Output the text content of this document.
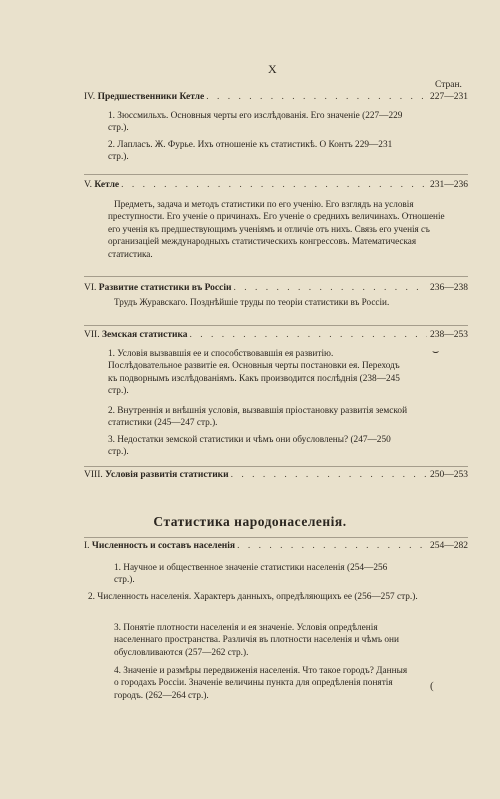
X
Стран.
IV.
Предшественники Кетле . . .	227—231
1. Зюссмильхъ. Основныя черты его изслѣдованія. Его значеніе (227—229 стр.).
2. Лапласъ. Ж. Фурье. Ихъ отношеніе къ статистикѣ. О Контъ 229—231 стр.).
V.
Кетле . . .	231—236
Предметъ, задача и методъ статистики по его ученію. Его взглядъ на условія преступности. Его ученіе о причинахъ. Его ученіе о среднихъ величинахъ. Отношеніе его ученія къ предшествующимъ ученіямъ и отличіе отъ нихъ. Связь его ученія съ организацiей международныхъ статистическихъ конгрессовъ. Математическая статистика.
VI.
Развитие статистики въ Россiи . . .	236—238
Трудъ Журавскаго. Позднѣйшіе труды по теоріи статистики въ Россіи.
VII.
Земская статистика . . .	238—253
1. Условія вызвавшія ее и способствовавшія ея развитію. Послѣдовательное развитіе ея. Основныя черты постановки ея. Переходъ къ подворнымъ изслѣдованіямъ. Какъ производится послѣднія (238—245 стр.).
⌣
2. Внутреннія и внѣшнія условія, вызвавшія пріостановку развитія земской статистики (245—247 стр.).
3. Недостатки земской статистики и чѣмъ они обусловлены? (247—250 стр.).
VIII.
Условія развитія статистики . . .	250—253
Статистика народонаселенія.
I.
Численность и составъ населенія . . .	254—282
1. Научное и общественное значеніе статистики населенія (254—256 стр.).
2. Численность населенія. Характеръ данныхъ, опредѣляющихъ ее (256—257 стр.).
3. Понятіе плотности населенія и ея значеніе. Условія опредѣленія населеннаго пространства. Различія въ плотности населенія и чѣмъ они обусловливаются (257—262 стр.).
4. Значеніе и размѣры передвиженія населенія. Что такое городъ? Данныя о городахъ Россіи. Значеніе величины пункта для опредѣленія понятія городъ. (262—264 стр.).
(
